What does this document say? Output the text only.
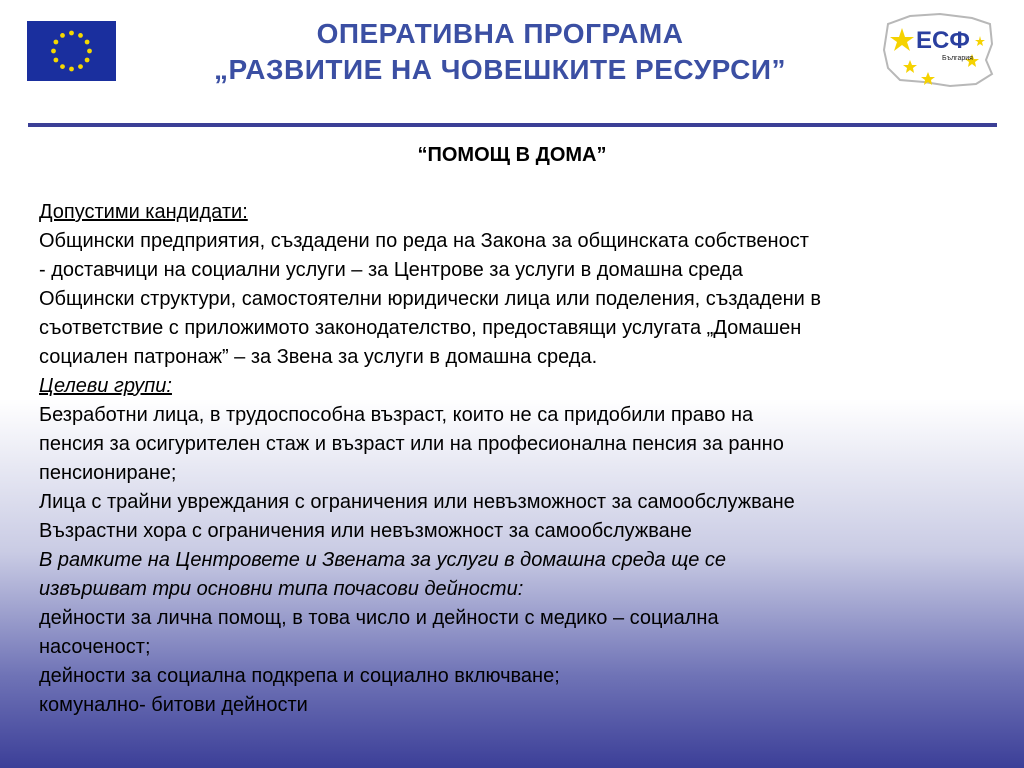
ОПЕРАТИВНА ПРОГРАМА
„РАЗВИТИЕ НА ЧОВЕШКИТЕ РЕСУРСИ”
ЕСФ
България
“ПОМОЩ В ДОМА”

Допустими кандидати:

Общински предприятия, създадени по реда на Закона за общинската собственост

- доставчици на социални услуги – за Центрове за услуги в домашна среда

Общински структури, самостоятелни юридически лица или поделения, създадени в

съответствие с приложимото законодателство, предоставящи услугата „Домашен

социален патронаж” – за Звена за услуги в домашна среда.

Целеви групи:

Безработни лица, в трудоспособна възраст, които не са придобили право на

пенсия за осигурителен стаж и възраст или на професионална пенсия за ранно

пенсиониране;

Лица с трайни увреждания с ограничения или невъзможност за самообслужване

Възрастни хора с ограничения или невъзможност за самообслужване

В рамките на Центровете и Звената за услуги в домашна среда ще се

извършват три основни типа почасови дейности:

дейности за лична помощ, в това число и дейности с медико – социална

насоченост;

дейности за социална подкрепа и социално включване;

комунално- битови дейности
